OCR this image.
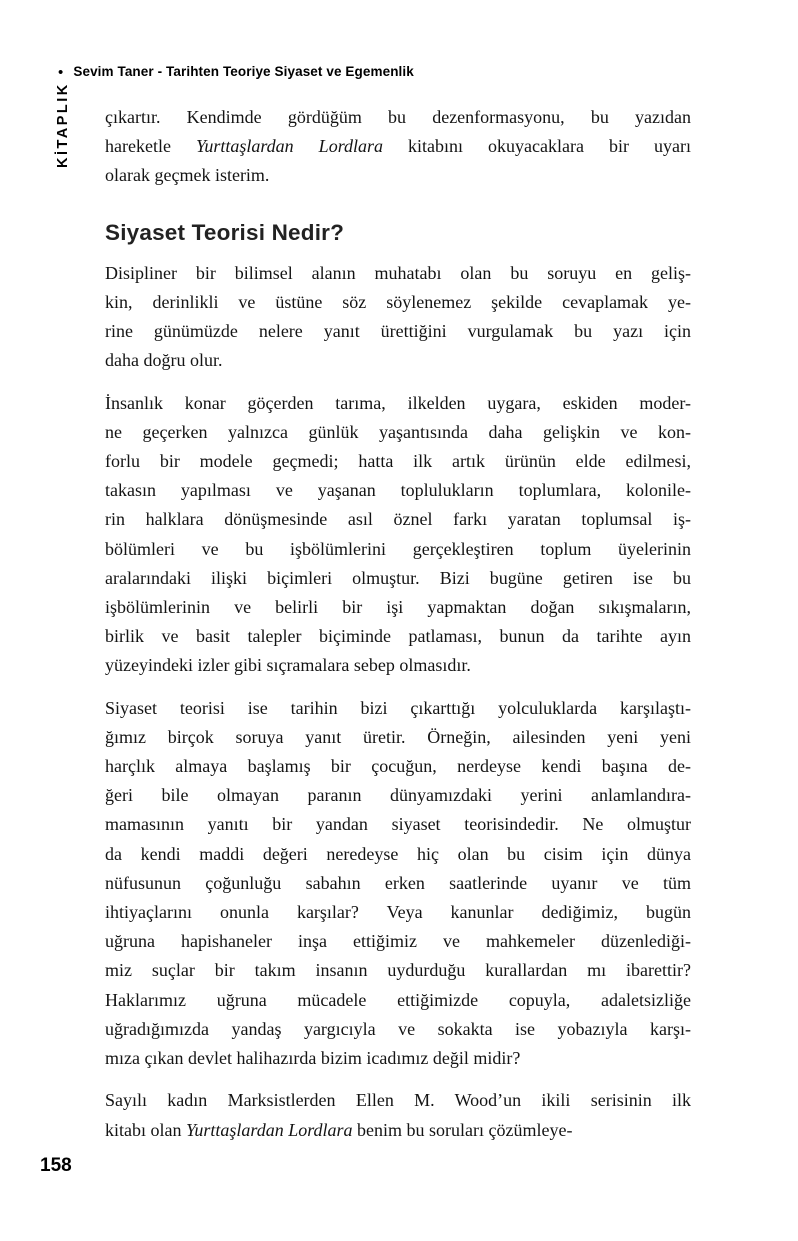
• Sevim Taner - Tarihten Teoriye Siyaset ve Egemenlik
KİTAPLIK çıkartır. Kendimde gördüğüm bu dezenformasyonu, bu yazıdan
hareketle Yurttaşlardan Lordlara kitabını okuyacaklara bir uyarı
olarak geçmek isterim.
Siyaset Teorisi Nedir?
Disipliner bir bilimsel alanın muhatabı olan bu soruyu en geliş-
kin, derinlikli ve üstüne söz söylenemez şekilde cevaplamak ye-
rine günümüzde nelere yanıt ürettiğini vurgulamak bu yazı için
daha doğru olur.
İnsanlık konar göçerden tarıma, ilkelden uygara, eskiden moder-
ne geçerken yalnızca günlük yaşantısında daha gelişkin ve kon-
forlu bir modele geçmedi; hatta ilk artık ürünün elde edilmesi,
takasın yapılması ve yaşanan toplulukların toplumlara, kolonile-
rin halklara dönüşmesinde asıl öznel farkı yaratan toplumsal iş-
bölümleri ve bu işbölümlerini gerçekleştiren toplum üyelerinin
aralarındaki ilişki biçimleri olmuştur. Bizi bugüne getiren ise bu
işbölümlerinin ve belirli bir işi yapmaktan doğan sıkışmaların,
birlik ve basit talepler biçiminde patlaması, bunun da tarihte ayın
yüzeyindeki izler gibi sıçramalara sebep olmasıdır.
Siyaset teorisi ise tarihin bizi çıkarttığı yolculuklarda karşılaştı-
ğımız birçok soruya yanıt üretir. Örneğin, ailesinden yeni yeni
harçlık almaya başlamış bir çocuğun, nerdeyse kendi başına de-
ğeri bile olmayan paranın dünyamızdaki yerini anlamlandıra-
mamasının yanıtı bir yandan siyaset teorisindedir. Ne olmuştur
da kendi maddi değeri neredeyse hiç olan bu cisim için dünya
nüfusunun çoğunluğu sabahın erken saatlerinde uyanır ve tüm
ihtiyaçlarını onunla karşılar? Veya kanunlar dediğimiz, bugün
uğruna hapishaneler inşa ettiğimiz ve mahkemeler düzenlediği-
miz suçlar bir takım insanın uydurduğu kurallardan mı ibarettir?
Haklarımız uğruna mücadele ettiğimizde copuyla, adaletsizliğe
uğradığımızda yandaş yargıcıyla ve sokakta ise yobazıyla karşı-
mıza çıkan devlet halihazırda bizim icadımız değil midir?
Sayılı kadın Marksistlerden Ellen M. Wood’un ikili serisinin ilk
kitabı olan Yurttaşlardan Lordlara benim bu soruları çözümleye-
158
